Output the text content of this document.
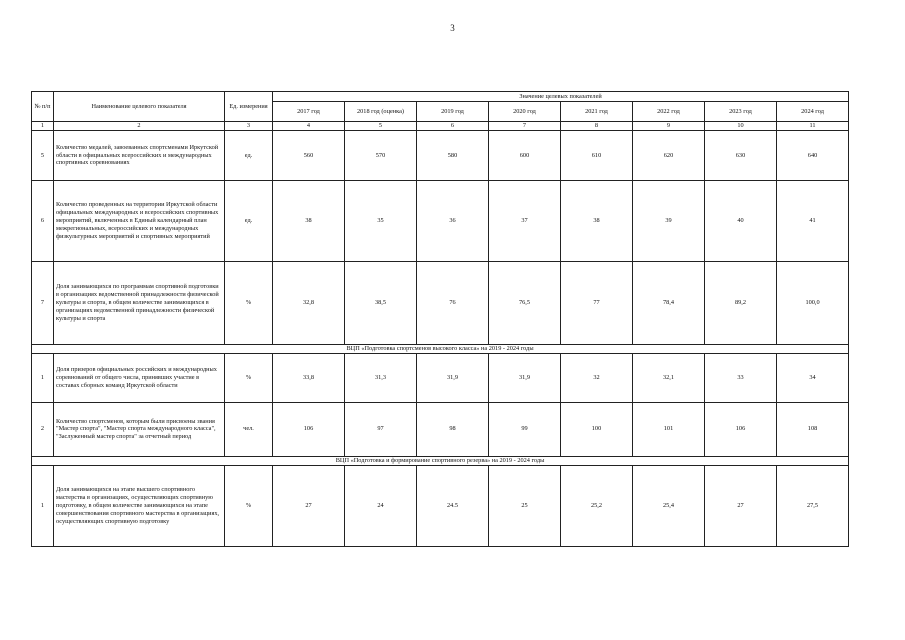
3
№ п/п	Наименование целевого показателя	Ед. измерения	Значение целевых показателей							
			2017 год	2018 год (оценка)	2019 год	2020 год	2021 год	2022 год	2023 год	2024 год
1	2	3	4	5	6	7	8	9	10	11
5	Количество медалей, завоеванных спортсменами Иркутской области в официальных всероссийских и международных спортивных соревнованиях	ед.	560	570	580	600	610	620	630	640
6	Количество проведенных на территории Иркутской области официальных международных и всероссийских спортивных мероприятий, включенных в Единый календарный план межрегиональных, всероссийских и международных физкультурных мероприятий и спортивных мероприятий	ед.	38	35	36	37	38	39	40	41
7	Доля занимающихся по программам спортивной подготовки в организациях ведомственной принадлежности физической культуры и спорта, в общем количестве занимающихся в организациях ведомственной принадлежности физической культуры и спорта	%	32,8	38,5	76	76,5	77	78,4	89,2	100,0
ВЦП «Подготовка спортсменов высокого класса» на 2019 - 2024 годы										
1	Доля призеров официальных российских и международных соревнований от общего числа, принявших участие в составах сборных команд Иркутской области	%	33,8	31,3	31,9	31,9	32	32,1	33	34
2	Количество спортсменов, которым были присвоены звания "Мастер спорта", "Мастер спорта международного класса", "Заслуженный мастер спорта" за отчетный период	чел.	106	97	98	99	100	101	106	108
ВЦП «Подготовка и формирование спортивного резерва» на 2019 - 2024 годы										
1	Доля занимающихся на этапе высшего спортивного мастерства в организациях, осуществляющих спортивную подготовку, в общем количестве занимающихся на этапе совершенствования спортивного мастерства в организациях, осуществляющих спортивную подготовку	%	27	24	24.5	25	25,2	25,4	27	27,5
